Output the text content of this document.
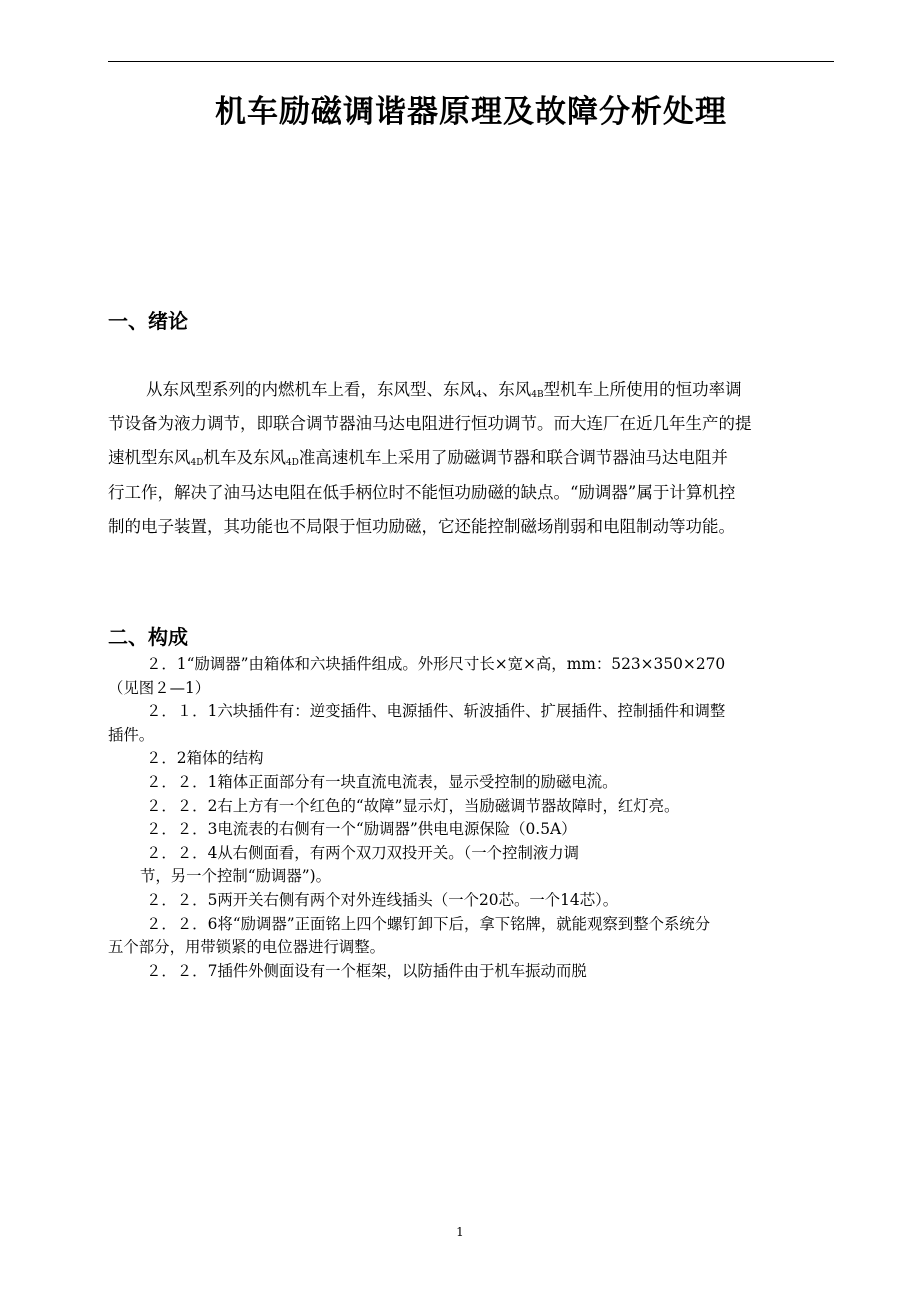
机车励磁调谐器原理及故障分析处理
一、绪论

从东风型系列的内燃机车上看，东风型、东风$_4$、东风$_{4B}$型机车上所使用的恒功率调
节设备为液力调节，即联合调节器油马达电阻进行恒功调节。而大连厂在近几年生产的提
速机型东风$_{4D}$机车及东风$_{4D}$准高速机车上采用了励磁调节器和联合调节器油马达电阻并
行工作，解决了油马达电阻在低手柄位时不能恒功励磁的缺点。“励调器”属于计算机控
制的电子装置，其功能也不局限于恒功励磁，它还能控制磁场削弱和电阻制动等功能。

二、构成
２．1“励调器”由箱体和六块插件组成。外形尺寸长×宽×高，mm：523×350×270
（见图２—1）
２．１．1六块插件有：逆变插件、电源插件、斩波插件、扩展插件、控制插件和调整
插件。
２．2箱体的结构
２．２．1箱体正面部分有一块直流电流表，显示受控制的励磁电流。
２．２．2右上方有一个红色的“故障”显示灯，当励磁调节器故障时，红灯亮。
２．２．3电流表的右侧有一个“励调器”供电电源保险（0.5A）
２．２．4从右侧面看，有两个双刀双投开关。（一个控制液力调
节，另一个控制“励调器”)。
２．２．5两开关右侧有两个对外连线插头（一个20芯。一个14芯）。
２．２．6将“励调器”正面铭上四个螺钉卸下后，拿下铭牌，就能观察到整个系统分
五个部分，用带锁紧的电位器进行调整。
２．２．7插件外侧面设有一个框架，以防插件由于机车振动而脱
1
